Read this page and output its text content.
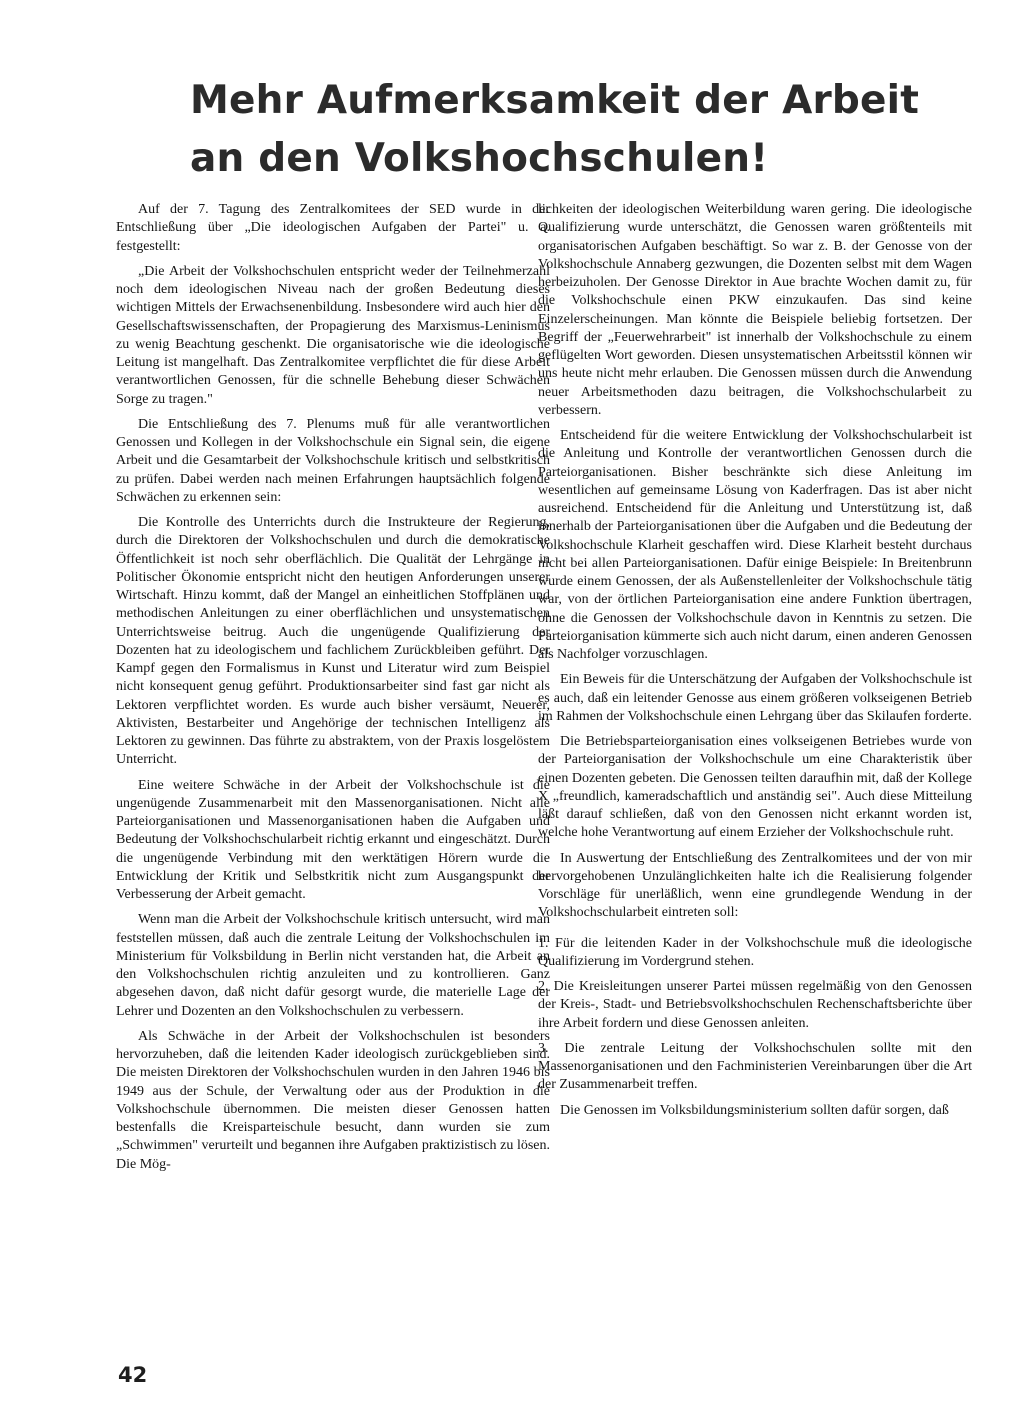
Mehr Aufmerksamkeit der Arbeit
an den Volkshochschulen!

Auf der 7. Tagung des Zentralkomitees der SED wurde in der Entschließung über „Die ideologischen Aufgaben der Partei" u. a. festgestellt:

„Die Arbeit der Volkshochschulen entspricht weder der Teilnehmerzahl noch dem ideologischen Niveau nach der großen Bedeutung dieses wichtigen Mittels der Erwachsenenbildung. Insbesondere wird auch hier den Gesellschaftswissenschaften, der Propagierung des Marxismus-Leninismus zu wenig Beachtung geschenkt. Die organisatorische wie die ideologische Leitung ist mangelhaft. Das Zentralkomitee verpflichtet die für diese Arbeit verantwortlichen Genossen, für die schnelle Behebung dieser Schwächen Sorge zu tragen."

Die Entschließung des 7. Plenums muß für alle verantwortlichen Genossen und Kollegen in der Volkshochschule ein Signal sein, die eigene Arbeit und die Gesamtarbeit der Volkshochschule kritisch und selbstkritisch zu prüfen. Dabei werden nach meinen Erfahrungen hauptsächlich folgende Schwächen zu erkennen sein:

Die Kontrolle des Unterrichts durch die Instrukteure der Regierung, durch die Direktoren der Volkshochschulen und durch die demokratische Öffentlichkeit ist noch sehr oberflächlich. Die Qualität der Lehrgänge in Politischer Ökonomie entspricht nicht den heutigen Anforderungen unserer Wirtschaft. Hinzu kommt, daß der Mangel an einheitlichen Stoffplänen und methodischen Anleitungen zu einer oberflächlichen und unsystematischen Unterrichtsweise beitrug. Auch die ungenügende Qualifizierung der Dozenten hat zu ideologischem und fachlichem Zurückbleiben geführt. Der Kampf gegen den Formalismus in Kunst und Literatur wird zum Beispiel nicht konsequent genug geführt. Produktionsarbeiter sind fast gar nicht als Lektoren verpflichtet worden. Es wurde auch bisher versäumt, Neuerer, Aktivisten, Bestarbeiter und Angehörige der technischen Intelligenz als Lektoren zu gewinnen. Das führte zu abstraktem, von der Praxis losgelöstem Unterricht.

Eine weitere Schwäche in der Arbeit der Volkshochschule ist die ungenügende Zusammenarbeit mit den Massenorganisationen. Nicht alle Parteiorganisationen und Massenorganisationen haben die Aufgaben und Bedeutung der Volkshochschularbeit richtig erkannt und eingeschätzt. Durch die ungenügende Verbindung mit den werktätigen Hörern wurde die Entwicklung der Kritik und Selbstkritik nicht zum Ausgangspunkt der Verbesserung der Arbeit gemacht.

Wenn man die Arbeit der Volkshochschule kritisch untersucht, wird man feststellen müssen, daß auch die zentrale Leitung der Volkshochschulen im Ministerium für Volksbildung in Berlin nicht verstanden hat, die Arbeit an den Volkshochschulen richtig anzuleiten und zu kontrollieren. Ganz abgesehen davon, daß nicht dafür gesorgt wurde, die materielle Lage der Lehrer und Dozenten an den Volkshochschulen zu verbessern.

Als Schwäche in der Arbeit der Volkshochschulen ist besonders hervorzuheben, daß die leitenden Kader ideologisch zurückgeblieben sind. Die meisten Direktoren der Volkshochschulen wurden in den Jahren 1946 bis 1949 aus der Schule, der Verwaltung oder aus der Produktion in die Volkshochschule übernommen. Die meisten dieser Genossen hatten bestenfalls die Kreisparteischule besucht, dann wurden sie zum „Schwimmen" verurteilt und begannen ihre Aufgaben praktizistisch zu lösen. Die Mög-

lichkeiten der ideologischen Weiterbildung waren gering. Die ideologische Qualifizierung wurde unterschätzt, die Genossen waren größtenteils mit organisatorischen Aufgaben beschäftigt. So war z. B. der Genosse von der Volkshochschule Annaberg gezwungen, die Dozenten selbst mit dem Wagen herbeizuholen. Der Genosse Direktor in Aue brachte Wochen damit zu, für die Volkshochschule einen PKW einzukaufen. Das sind keine Einzelerscheinungen. Man könnte die Beispiele beliebig fortsetzen. Der Begriff der „Feuerwehrarbeit" ist innerhalb der Volkshochschule zu einem geflügelten Wort geworden. Diesen unsystematischen Arbeitsstil können wir uns heute nicht mehr erlauben. Die Genossen müssen durch die Anwendung neuer Arbeitsmethoden dazu beitragen, die Volkshochschularbeit zu verbessern.

Entscheidend für die weitere Entwicklung der Volkshochschularbeit ist die Anleitung und Kontrolle der verantwortlichen Genossen durch die Parteiorganisationen. Bisher beschränkte sich diese Anleitung im wesentlichen auf gemeinsame Lösung von Kaderfragen. Das ist aber nicht ausreichend. Entscheidend für die Anleitung und Unterstützung ist, daß innerhalb der Parteiorganisationen über die Aufgaben und die Bedeutung der Volkshochschule Klarheit geschaffen wird. Diese Klarheit besteht durchaus nicht bei allen Parteiorganisationen. Dafür einige Beispiele: In Breitenbrunn wurde einem Genossen, der als Außenstellenleiter der Volkshochschule tätig war, von der örtlichen Parteiorganisation eine andere Funktion übertragen, ohne die Genossen der Volkshochschule davon in Kenntnis zu setzen. Die Parteiorganisation kümmerte sich auch nicht darum, einen anderen Genossen als Nachfolger vorzuschlagen.

Ein Beweis für die Unterschätzung der Aufgaben der Volkshochschule ist es auch, daß ein leitender Genosse aus einem größeren volkseigenen Betrieb im Rahmen der Volkshochschule einen Lehrgang über das Skilaufen forderte.

Die Betriebsparteiorganisation eines volkseigenen Betriebes wurde von der Parteiorganisation der Volkshochschule um eine Charakteristik über einen Dozenten gebeten. Die Genossen teilten daraufhin mit, daß der Kollege X „freundlich, kameradschaftlich und anständig sei". Auch diese Mitteilung läßt darauf schließen, daß von den Genossen nicht erkannt worden ist, welche hohe Verantwortung auf einem Erzieher der Volkshochschule ruht.

In Auswertung der Entschließung des Zentralkomitees und der von mir hervorgehobenen Unzulänglichkeiten halte ich die Realisierung folgender Vorschläge für unerläßlich, wenn eine grundlegende Wendung in der Volkshochschularbeit eintreten soll:

1. Für die leitenden Kader in der Volkshochschule muß die ideologische Qualifizierung im Vordergrund stehen.

2. Die Kreisleitungen unserer Partei müssen regelmäßig von den Genossen der Kreis-, Stadt- und Betriebsvolkshochschulen Rechenschaftsberichte über ihre Arbeit fordern und diese Genossen anleiten.

3. Die zentrale Leitung der Volkshochschulen sollte mit den Massenorganisationen und den Fachministerien Vereinbarungen über die Art der Zusammenarbeit treffen.

Die Genossen im Volksbildungsministerium sollten dafür sorgen, daß

42
